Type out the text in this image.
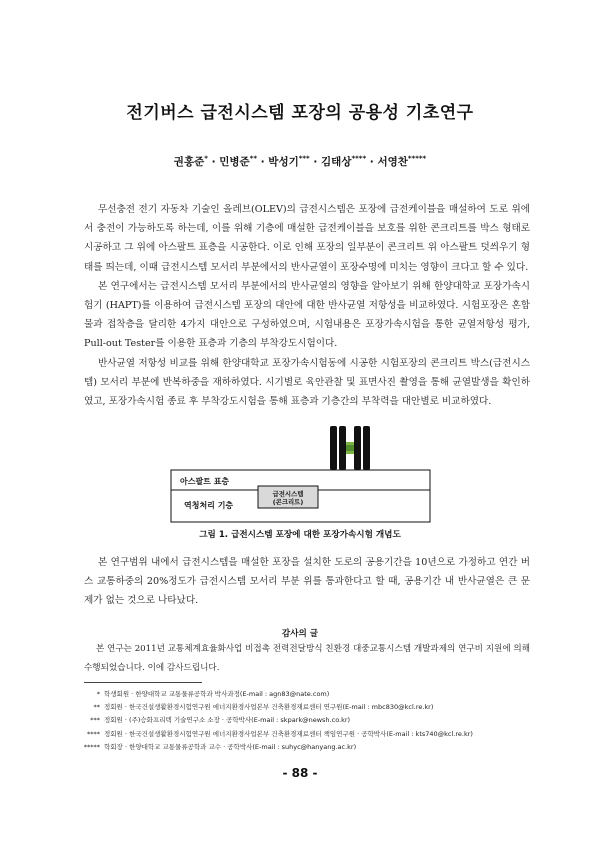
전기버스 급전시스템 포장의 공용성 기초연구
권홍준* · 민병준** · 박성기*** · 김태상**** · 서영찬*****

무선충전 전기 자동차 기술인 올레브(OLEV)의 급전시스템은 포장에 급전케이블을 매설하여 도로 위에서 충전이 가능하도록 하는데, 이를 위해 기층에 매설한 급전케이블을 보호를 위한 콘크리트를 박스 형태로 시공하고 그 위에 아스팔트 표층을 시공한다. 이로 인해 포장의 일부분이 콘크리트 위 아스팔트 덧씌우기 형태를 띄는데, 이때 급전시스템 모서리 부분에서의 반사균열이 포장수명에 미치는 영향이 크다고 할 수 있다.

본 연구에서는 급전시스템 모서리 부분에서의 반사균열의 영향을 알아보기 위해 한양대학교 포장가속시험기 (HAPT)를 이용하여 급전시스템 포장의 대안에 대한 반사균열 저항성을 비교하였다. 시험포장은 혼합물과 접착층을 달리한 4가지 대안으로 구성하였으며, 시험내용은 포장가속시험을 통한 균열저항성 평가, Pull-out Tester를 이용한 표층과 기층의 부착강도시험이다.

반사균열 저항성 비교를 위해 한양대학교 포장가속시험동에 시공한 시험포장의 콘크리트 박스(급전시스템) 모서리 부분에 반복하중을 재하하였다. 시기별로 육안관찰 및 표면사진 촬영을 통해 균열발생을 확인하였고, 포장가속시험 종료 후 부착강도시험을 통해 표층과 기층간의 부착력을 대안별로 비교하였다.

아스팔트 표층
역청처리 기층
급전시스템
(콘크리트)
그림 1. 급전시스템 포장에 대한 포장가속시험 개념도

본 연구범위 내에서 급전시스템을 매설한 포장을 설치한 도로의 공용기간을 10년으로 가정하고 연간 버스 교통하중의 20%정도가 급전시스템 모서리 부분 위를 통과한다고 할 때, 공용기간 내 반사균열은 큰 문제가 없는 것으로 나타났다.

감사의 글

본 연구는 2011년 교통체계효율화사업 비접촉 전력전달방식 친환경 대중교통시스템 개발과제의 연구비 지원에 의해 수행되었습니다. 이에 감사드립니다.

* 학생회원 · 한양대학교 교통물류공학과 박사과정(E-mail : agn83@nate.com)
** 정회원 · 한국건설생활환경시험연구원 에너지환경사업본부 건축환경재료센터 연구원(E-mail : mbc830@kcl.re.kr)
*** 정회원 · (주)승화프리텍 기술연구소 소장 · 공학박사(E-mail : skpark@newsh.co.kr)
**** 정회원 · 한국건설생활환경시험연구원 에너지환경사업본부 건축환경재료센터 책임연구원 · 공학박사(E-mail : kts740@kcl.re.kr)
***** 학회장 · 한양대학교 교통물류공학과 교수 · 공학박사(E-mail : suhyc@hanyang.ac.kr)
- 88 -
